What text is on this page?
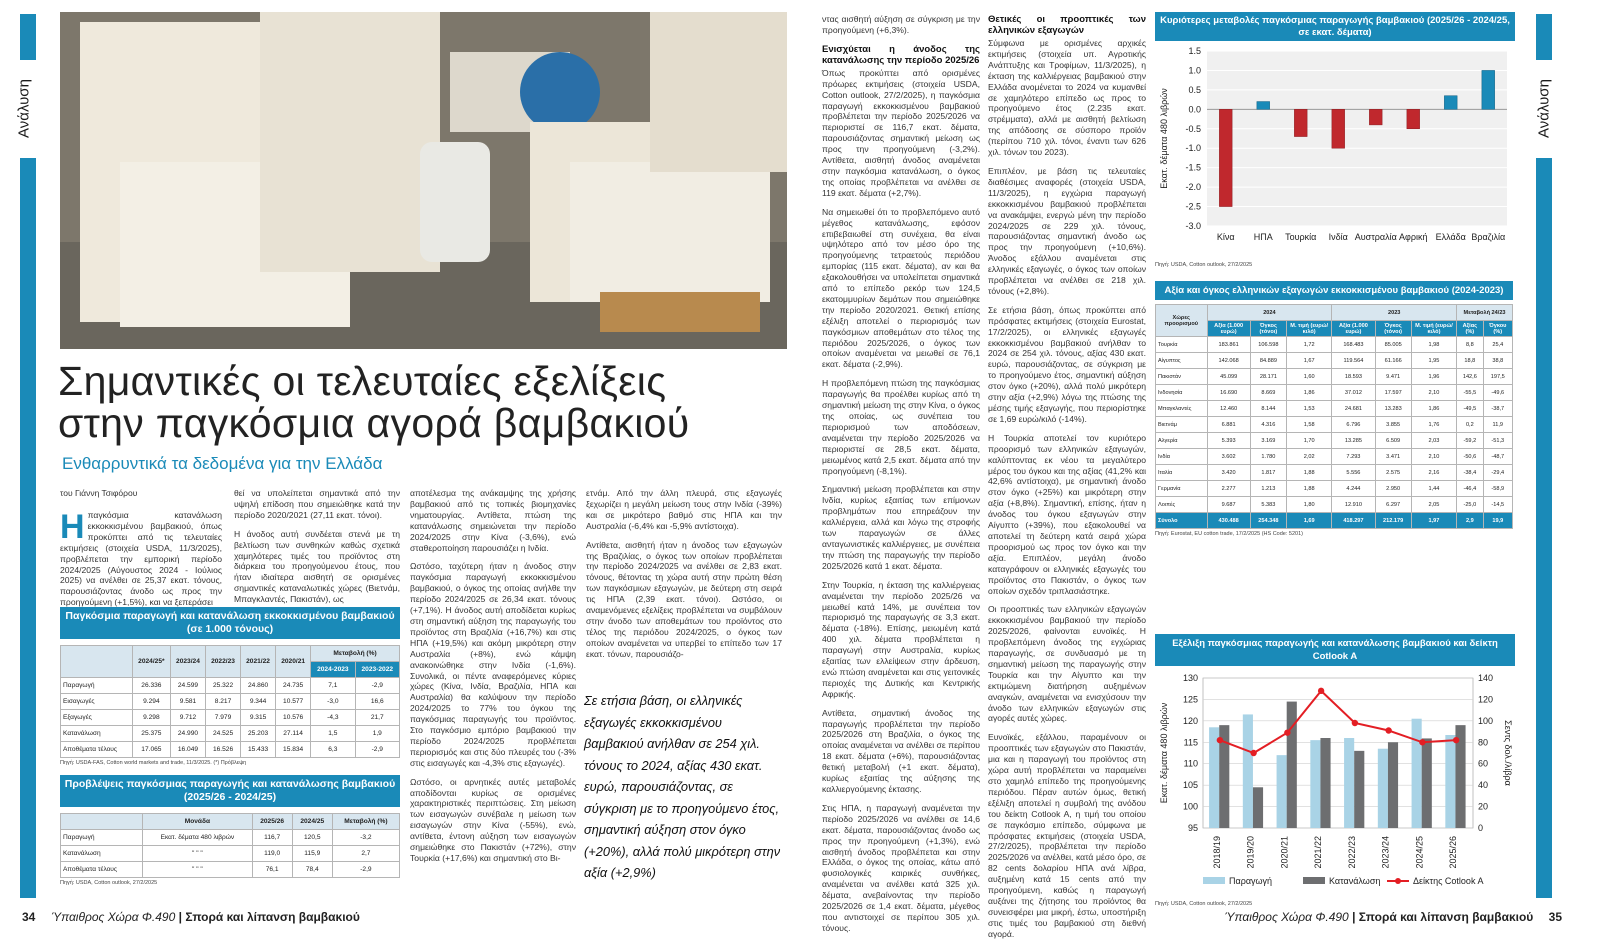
Ανάλυση
Σημαντικές οι τελευταίες εξελίξεις
στην παγκόσμια αγορά βαμβακιού
Ενθαρρυντικά τα δεδομένα για την Ελλάδα
του Γιάννη Τσιφόρου
Ηπαγκόσμια κατανάλωση εκκοκκισμένου βαμβακιού, όπως προκύπτει από τις τελευταίες εκτιμήσεις (στοιχεία USDA, 11/3/2025), προβλέπεται την εμπορική περίοδο 2024/2025 (Αύγουστος 2024 - Ιούλιος 2025) να ανέλθει σε 25,37 εκατ. τόνους, παρουσιάζοντας άνοδο ως προς την προηγούμενη (+1,5%), και να ξεπεράσει

θεί να υπολείπεται σημαντικά από την υψηλή επίδοση που σημειώθηκε κατά την περίοδο 2020/2021 (27,11 εκατ. τόνοι).

Η άνοδος αυτή συνδέεται στενά με τη βελτίωση των συνθηκών καθώς σχετικά χαμηλότερες τιμές του προϊόντος στη διάρκεια του προηγούμενου έτους, που ήταν ιδιαίτερα αισθητή σε ορισμένες σημαντικές καταναλωτικές χώρες (Βιετνάμ, Μπαγκλαντές, Πακιστάν), ως

Παγκόσμια παραγωγή και κατανάλωση εκκοκκισμένου βαμβακιού (σε 1.000 τόνους)
	2024/25*	2023/24	2022/23	2021/22	2020/21	Μεταβολή (%)	
						2024-2023	2023-2022
Παραγωγή	26.336	24.599	25.322	24.860	24.735	7,1	-2,9
Εισαγωγές	9.294	9.581	8.217	9.344	10.577	-3,0	16,6
Εξαγωγές	9.298	9.712	7.979	9.315	10.576	-4,3	21,7
Κατανάλωση	25.375	24.990	24.525	25.203	27.114	1,5	1,9
Αποθέματα τέλους	17.065	16.049	16.526	15.433	15.834	6,3	-2,9
Πηγή: USDA-FAS, Cotton world markets and trade, 11/3/2025. (*) Πρόβλεψη
Προβλέψεις παγκόσμιας παραγωγής και κατανάλωσης βαμβακιού (2025/26 - 2024/25)
	Μονάδα	2025/26	2024/25	Μεταβολή (%)
Παραγωγή	Εκατ. δέματα 480 λιβρών	116,7	120,5	-3,2
Κατανάλωση	" " "	119,0	115,9	2,7
Αποθέματα τέλους	" " "	76,1	78,4	-2,9
Πηγή: USDA, Cotton outlook, 27/2/2025

αποτέλεσμα της ανάκαμψης της χρήσης βαμβακιού από τις τοπικές βιομηχανίες νηματουργίας. Αντίθετα, πτώση της κατανάλωσης σημειώνεται την περίοδο 2024/2025 στην Κίνα (-3,6%), ενώ σταθεροποίηση παρουσιάζει η Ινδία.

Ωστόσο, ταχύτερη ήταν η άνοδος στην παγκόσμια παραγωγή εκκοκκισμένου βαμβακιού, ο όγκος της οποίας ανήλθε την περίοδο 2024/2025 σε 26,34 εκατ. τόνους (+7,1%). Η άνοδος αυτή αποδίδεται κυρίως στη σημαντική αύξηση της παραγωγής του προϊόντος στη Βραζιλία (+16,7%) και στις ΗΠΑ (+19,5%) και ακόμη μικρότερη στην Αυστραλία (+8%), ενώ κάμψη ανακοινώθηκε στην Ινδία (-1,6%). Συνολικά, οι πέντε αναφερόμενες κύριες χώρες (Κίνα, Ινδία, Βραζιλία, ΗΠΑ και Αυστραλία) θα καλύψουν την περίοδο 2024/2025 το 77% του όγκου της παγκόσμιας παραγωγής του προϊόντος. Στο παγκόσμιο εμπόριο βαμβακιού την περίοδο 2024/2025 προβλέπεται περιορισμός και στις δύο πλευρές του (-3% στις εισαγωγές και -4,3% στις εξαγωγές).

Ωστόσο, οι αρνητικές αυτές μεταβολές αποδίδονται κυρίως σε ορισμένες χαρακτηριστικές περιπτώσεις. Στη μείωση των εισαγωγών συνέβαλε η μείωση των εισαγωγών στην Κίνα (-55%), ενώ, αντίθετα, έντονη αύξηση των εισαγωγών σημειώθηκε στο Πακιστάν (+72%), στην Τουρκία (+17,6%) και σημαντική στο Βι-

ετνάμ. Από την άλλη πλευρά, στις εξαγωγές ξεχωρίζει η μεγάλη μείωση τους στην Ινδία (-39%) και σε μικρότερο βαθμό στις ΗΠΑ και την Αυστραλία (-6,4% και -5,9% αντίστοιχα).

Αντίθετα, αισθητή ήταν η άνοδος των εξαγωγών της Βραζιλίας, ο όγκος των οποίων προβλέπεται την περίοδο 2024/2025 να ανέλθει σε 2,83 εκατ. τόνους, θέτοντας τη χώρα αυτή στην πρώτη θέση των παγκόσμιων εξαγωγών, με δεύτερη στη σειρά τις ΗΠΑ (2,39 εκατ. τόνοι). Ωστόσο, οι αναμενόμενες εξελίξεις προβλέπεται να συμβάλουν στην άνοδο των αποθεμάτων του προϊόντος στο τέλος της περιόδου 2024/2025, ο όγκος των οποίων αναμένεται να υπερβεί το επίπεδο των 17 εκατ. τόνων, παρουσιάζο-

Σε ετήσια βάση, οι ελληνικές εξαγωγές εκκοκκισμένου βαμβακιού ανήλθαν σε 254 χιλ. τόνους το 2024, αξίας 430 εκατ. ευρώ, παρουσιάζοντας, σε σύγκριση με το προηγούμενο έτος, σημαντική αύξηση στον όγκο (+20%), αλλά πολύ μικρότερη στην αξία (+2,9%)
34 Ύπαιθρος Χώρα Φ.490 | Σπορά και λίπανση βαμβακιού

ντας αισθητή αύξηση σε σύγκριση με την προηγούμενη (+6,3%).

Ενισχύεται η άνοδος της κατανάλωσης την περίοδο 2025/26

Όπως προκύπτει από ορισμένες πρόωρες εκτιμήσεις (στοιχεία USDA, Cotton outlook, 27/2/2025), η παγκόσμια παραγωγή εκκοκκισμένου βαμβακιού προβλέπεται την περίοδο 2025/2026 να περιοριστεί σε 116,7 εκατ. δέματα, παρουσιάζοντας σημαντική μείωση ως προς την προηγούμενη (-3,2%). Αντίθετα, αισθητή άνοδος αναμένεται στην παγκόσμια κατανάλωση, ο όγκος της οποίας προβλέπεται να ανέλθει σε 119 εκατ. δέματα (+2,7%).

Να σημειωθεί ότι το προβλεπόμενο αυτό μέγεθος κατανάλωσης, εφόσον επιβεβαιωθεί στη συνέχεια, θα είναι υψηλότερο από τον μέσο όρο της προηγούμενης τετραετούς περιόδου εμπορίας (115 εκατ. δέματα), αν και θα εξακολουθήσει να υπολείπεται σημαντικά από το επίπεδο ρεκόρ των 124,5 εκατομμυρίων δεμάτων που σημειώθηκε την περίοδο 2020/2021. Θετική επίσης εξέλιξη αποτελεί ο περιορισμός των παγκόσμιων αποθεμάτων στο τέλος της περιόδου 2025/2026, ο όγκος των οποίων αναμένεται να μειωθεί σε 76,1 εκατ. δέματα (-2,9%).

Η προβλεπόμενη πτώση της παγκόσμιας παραγωγής θα προέλθει κυρίως από τη σημαντική μείωση της στην Κίνα, ο όγκος της οποίας, ως συνέπεια του περιορισμού των αποδόσεων, αναμένεται την περίοδο 2025/2026 να περιοριστεί σε 28,5 εκατ. δέματα, μειωμένος κατά 2,5 εκατ. δέματα από την προηγούμενη (-8,1%).

Σημαντική μείωση προβλέπεται και στην Ινδία, κυρίως εξαιτίας των επίμονων προβλημάτων που επηρεάζουν την καλλιέργεια, αλλά και λόγω της στροφής των παραγωγών σε άλλες ανταγωνιστικές καλλιέργειες, με συνέπεια την πτώση της παραγωγής την περίοδο 2025/2026 κατά 1 εκατ. δέματα.

Στην Τουρκία, η έκταση της καλλιέργειας αναμένεται την περίοδο 2025/26 να μειωθεί κατά 14%, με συνέπεια τον περιορισμό της παραγωγής σε 3,3 εκατ. δέματα (-18%). Επίσης, μειωμένη κατά 400 χιλ. δέματα προβλέπεται η παραγωγή στην Αυστραλία, κυρίως εξαιτίας των ελλείψεων στην άρδευση, ενώ πτώση αναμένεται και στις γειτονικές περιοχές της Δυτικής και Κεντρικής Αφρικής.

Αντίθετα, σημαντική άνοδος της παραγωγής προβλέπεται την περίοδο 2025/2026 στη Βραζιλία, ο όγκος της οποίας αναμένεται να ανέλθει σε περίπου 18 εκατ. δέματα (+6%), παρουσιάζοντας θετική μεταβολή (+1 εκατ. δέματα), κυρίως εξαιτίας της αύξησης της καλλιεργούμενης έκτασης.

Στις ΗΠΑ, η παραγωγή αναμένεται την περίοδο 2025/2026 να ανέλθει σε 14,6 εκατ. δέματα, παρουσιάζοντας άνοδο ως προς την προηγούμενη (+1,3%), ενώ αισθητή άνοδος προβλέπεται και στην Ελλάδα, ο όγκος της οποίας, κάτω από φυσιολογικές καιρικές συνθήκες, αναμένεται να ανέλθει κατά 325 χιλ. δέματα, ανεβαίνοντας την περίοδο 2025/2026 σε 1,4 εκατ. δέματα, μέγεθος που αντιστοιχεί σε περίπου 305 χιλ. τόνους.

Θετικές οι προοπτικές των ελληνικών εξαγωγών

Σύμφωνα με ορισμένες αρχικές εκτιμήσεις (στοιχεία υπ. Αγροτικής Ανάπτυξης και Τροφίμων, 11/3/2025), η έκταση της καλλιέργειας βαμβακιού στην Ελλάδα ανομένεται το 2024 να κυμανθεί σε χαμηλότερο επίπεδο ως προς το προηγούμενο έτος (2.235 εκατ. στρέμματα), αλλά με αισθητή βελτίωση της απόδοσης σε σύσπορο προϊόν (περίπου 710 χιλ. τόνοι, έναντι των 626 χιλ. τόνων του 2023).

Επιπλέον, με βάση τις τελευταίες διαθέσιμες αναφορές (στοιχεία USDA, 11/3/2025), η εγχώρια παραγωγή εκκοκκισμένου βαμβακιού προβλέπεται να ανακάμψει, ενεργώ μένη την περίοδο 2024/2025 σε 229 χιλ. τόνους, παρουσιάζοντας σημαντική άνοδο ως προς την προηγούμενη (+10,6%). Άνοδος εξάλλου αναμένεται στις ελληνικές εξαγωγές, ο όγκος των οποίων προβλέπεται να ανέλθει σε 218 χιλ. τόνους (+2,8%).

Σε ετήσια βάση, όπως προκύπτει από πρόσφατες εκτιμήσεις (στοιχεία Eurostat, 17/2/2025), οι ελληνικές εξαγωγές εκκοκκισμένου βαμβακιού ανήλθαν το 2024 σε 254 χιλ. τόνους, αξίας 430 εκατ. ευρώ, παρουσιάζοντας, σε σύγκριση με το προηγούμενο έτος, σημαντική αύξηση στον όγκο (+20%), αλλά πολύ μικρότερη στην αξία (+2,9%) λόγω της πτώσης της μέσης τιμής εξαγωγής, που περιορίστηκε σε 1,69 ευρώ/κιλό (-14%).

Η Τουρκία αποτελεί τον κυριότερο προορισμό των ελληνικών εξαγωγών, καλύπτοντας εκ νέου τα μεγαλύτερο μέρος του όγκου και της αξίας (41,2% και 42,6% αντίστοιχα), με σημαντική άνοδο στον όγκο (+25%) και μικρότερη στην αξία (+8,8%). Σημαντική, επίσης, ήταν η άνοδος του όγκου εξαγωγών στην Αίγυπτο (+39%), που εξακολουθεί να αποτελεί τη δεύτερη κατά σειρά χώρα προορισμού ως προς τον όγκο και την αξία. Επιπλέον, μεγάλη άνοδο καταγράφουν οι ελληνικές εξαγωγές του προϊόντος στο Πακιστάν, ο όγκος των οποίων σχεδόν τριπλασιάστηκε.

Οι προοπτικές των ελληνικών εξαγωγών εκκοκκισμένου βαμβακιού την περίοδο 2025/2026, φαίνονται ευνοϊκές. Η προβλεπόμενη άνοδος της εγχώριας παραγωγής, σε συνδυασμό με τη σημαντική μείωση της παραγωγής στην Τουρκία και την Αίγυπτο και την εκτιμώμενη διατήρηση αυξημένων αναγκών, αναμένεται να ενισχύσουν την άνοδο των ελληνικών εξαγωγών στις αγορές αυτές χώρες.

Ευνοϊκές, εξάλλου, παραμένουν οι προοπτικές των εξαγωγών στο Πακιστάν, μια και η παραγωγή του προϊόντος στη χώρα αυτή προβλέπεται να παραμείνει στο χαμηλό επίπεδο της προηγούμενης περιόδου. Πέραν αυτών όμως, θετική εξέλιξη αποτελεί η συμβολή της ανόδου του δείκτη Cotlook A, η τιμή του οποίου σε παγκόσμιο επίπεδο, σύμφωνα με πρόσφατες εκτιμήσεις (στοιχεία USDA, 27/2/2025), προβλέπεται την περίοδο 2025/2026 να ανέλθει, κατά μέσο όρο, σε 82 cents δολαρίου ΗΠΑ ανά λίβρα, αυξημένη κατά 15 cents από την προηγούμενη, καθώς η παραγωγή αυξάνει της ζήτησης του προϊόντος θα συνεισφέρει μια μικρή, έστω, υποστήριξη στις τιμές του βαμβακιού στη διεθνή αγορά.

Κυριότερες μεταβολές παγκόσμιας παραγωγής βαμβακιού (2025/26 - 2024/25, σε εκατ. δέματα)
1.5
1.0
0.5
0.0
-0.5
-1.0
-1.5
-2.0
-2.5
-3.0
Κίνα ΗΠΑ Τουρκία Ινδία Αυστραλία Αφρική Ελλάδα Βραζιλία
Εκατ. δέματα 480 λιβρών
Πηγή: USDA, Cotton outlook, 27/2/2025
Αξία και όγκος ελληνικών εξαγωγών εκκοκκισμένου βαμβακιού (2024-2023)
Χώρες προορισμού	2024			2023			Μεταβολή 24/23	
	Αξία (1.000 ευρώ)	Όγκος (τόνοι)	Μ. τιμή (ευρώ/κιλό)	Αξία (1.000 ευρώ)	Όγκος (τόνοι)	Μ. τιμή (ευρώ/κιλό)	Αξίας (%)	Όγκου (%)
Τουρκία	183.861	106.598	1,72	168.483	85.005	1,98	8,8	25,4
Αίγυπτος	142.068	84.889	1,67	119.564	61.166	1,95	18,8	38,8
Πακιστάν	45.099	28.171	1,60	18.593	9.471	1,96	142,6	197,5
Ινδονησία	16.690	8.669	1,86	37.012	17.597	2,10	-55,5	-49,6
Μπαγκλαντές	12.460	8.144	1,53	24.681	13.283	1,86	-49,5	-38,7
Βιετνάμ	6.881	4.316	1,58	6.796	3.855	1,76	0,2	11,9
Αλγερία	5.393	3.169	1,70	13.285	6.509	2,03	-59,2	-51,3
Ινδία	3.602	1.780	2,02	7.293	3.471	2,10	-50,6	-48,7
Ιταλία	3.420	1.817	1,88	5.556	2.575	2,16	-38,4	-29,4
Γερμανία	2.277	1.213	1,88	4.244	2.950	1,44	-46,4	-58,9
Λοιπές	9.687	5.383	1,80	12.910	6.297	2,05	-25,0	-14,5
Σύνολο	430.488	254.348	1,69	418.297	212.179	1,97	2,9	19,9
Πηγή: Eurostat, EU cotton trade, 17/2/2025 (HS Code: 5201)
Εξέλιξη παγκόσμιας παραγωγής και κατανάλωσης βαμβακιού και δείκτη Cotlook A
130
125
120
115
110
105
100
95
140
120
100
80
60
40
20
0
2018/19	2019/20	2020/21	2021/22	2022/23	2023/24	2024/25	2025/26
Εκατ. δέματα 480 λιβρών	Σεντς δολ./λίβρα
Παραγωγή	Κατανάλωση	Δείκτης Cotlook A
Πηγή: USDA, Cotton outlook, 27/2/2025
Ανάλυση
Ύπαιθρος Χώρα Φ.490 | Σπορά και λίπανση βαμβακιού 35
